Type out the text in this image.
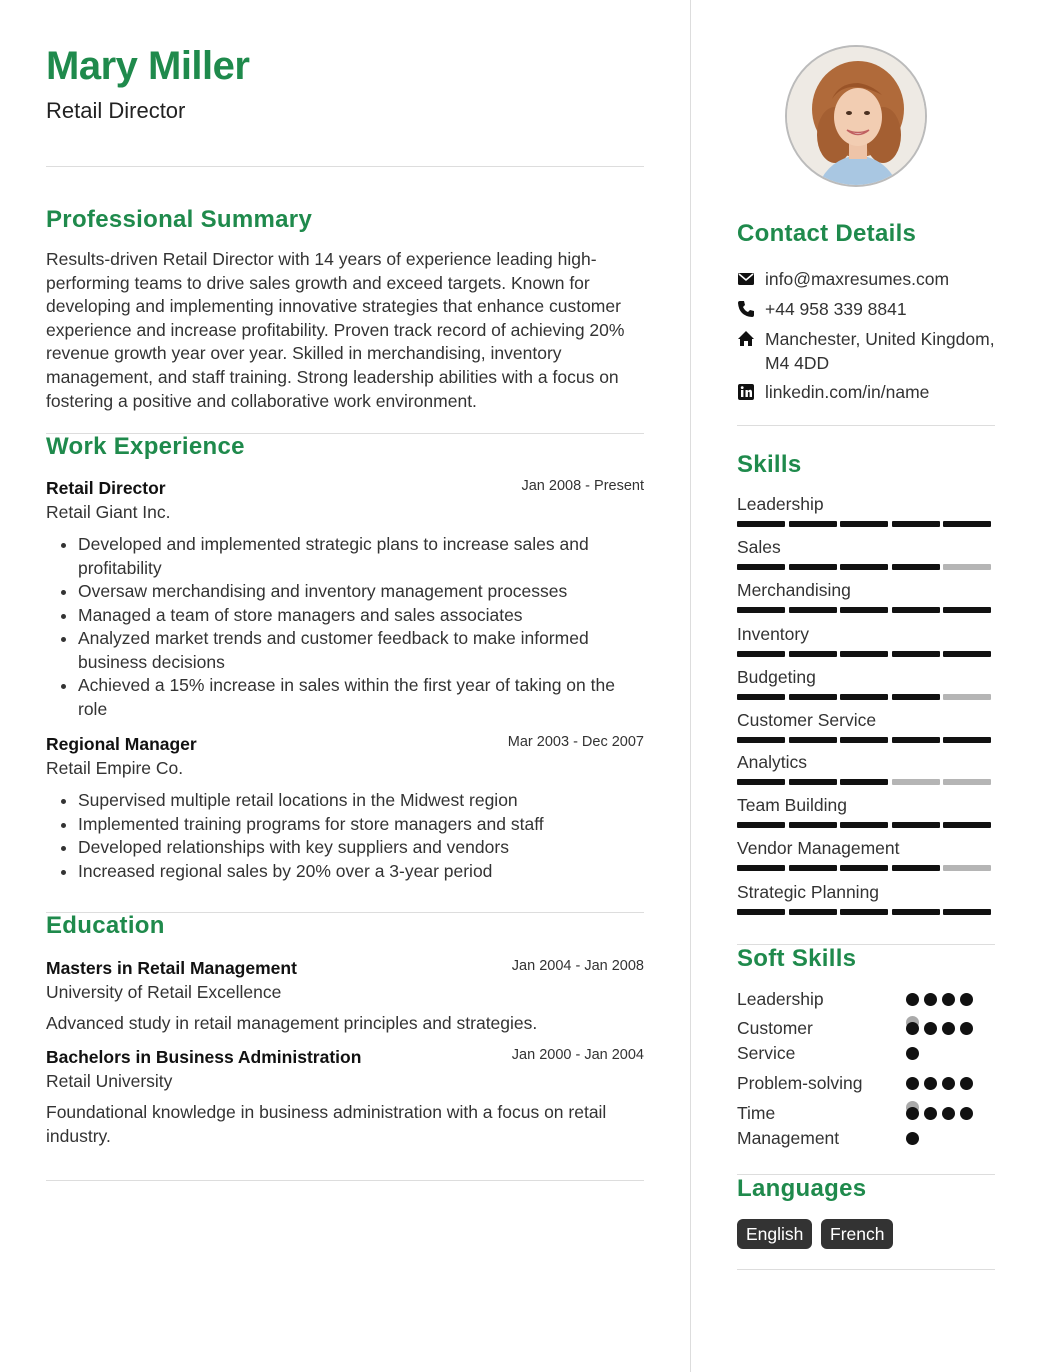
Mary Miller
Retail Director
Professional Summary
Results-driven Retail Director with 14 years of experience leading high-performing teams to drive sales growth and exceed targets. Known for developing and implementing innovative strategies that enhance customer experience and increase profitability. Proven track record of achieving 20% revenue growth year over year. Skilled in merchandising, inventory management, and staff training. Strong leadership abilities with a focus on fostering a positive and collaborative work environment.
Work Experience
Retail Director	Jan 2008 - Present
Retail Giant Inc.
• Developed and implemented strategic plans to increase sales and profitability
• Oversaw merchandising and inventory management processes
• Managed a team of store managers and sales associates
• Analyzed market trends and customer feedback to make informed business decisions
• Achieved a 15% increase in sales within the first year of taking on the role
Regional Manager	Mar 2003 - Dec 2007
Retail Empire Co.
• Supervised multiple retail locations in the Midwest region
• Implemented training programs for store managers and staff
• Developed relationships with key suppliers and vendors
• Increased regional sales by 20% over a 3-year period
Education
Masters in Retail Management	Jan 2004 - Jan 2008
University of Retail Excellence
Advanced study in retail management principles and strategies.
Bachelors in Business Administration	Jan 2000 - Jan 2004
Retail University
Foundational knowledge in business administration with a focus on retail industry.
Contact Details
info@maxresumes.com
+44 958 339 8841
Manchester, United Kingdom, M4 4DD
linkedin.com/in/name
Skills
Leadership
Sales
Merchandising
Inventory
Budgeting
Customer Service
Analytics
Team Building
Vendor Management
Strategic Planning
Soft Skills
Leadership
Customer Service
Problem-solving
Time Management
Languages
English	French
